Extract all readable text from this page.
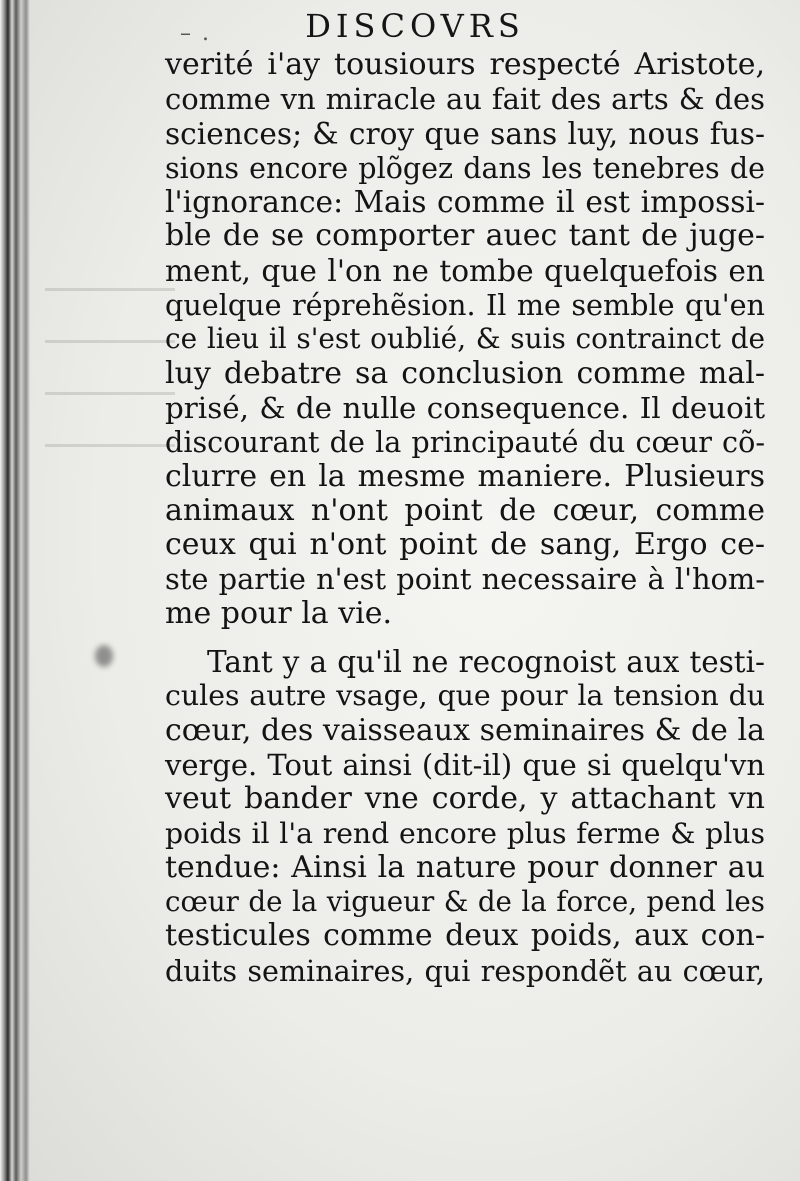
– .	DISCOVRS
verité i'ay tousiours respecté Aristote,
comme vn miracle au fait des arts & des
sciences; & croy que sans luy, nous fus-
sions encore plõgez dans les tenebres de
l'ignorance: Mais comme il est impossi-
ble de se comporter auec tant de juge-
ment, que l'on ne tombe quelquefois en
quelque réprehẽsion. Il me semble qu'en
ce lieu il s'est oublié, & suis contrainct de
luy debatre sa conclusion comme mal-
prisé, & de nulle consequence. Il deuoit
discourant de la principauté du cœur cõ-
clurre en la mesme maniere. Plusieurs
animaux n'ont point de cœur, comme
ceux qui n'ont point de sang, Ergo ce-
ste partie n'est point necessaire à l'hom-
me pour la vie.
Tant y a qu'il ne recognoist aux testi-
cules autre vsage, que pour la tension du
cœur, des vaisseaux seminaires & de la
verge. Tout ainsi (dit-il) que si quelqu'vn
veut bander vne corde, y attachant vn
poids il l'a rend encore plus ferme & plus
tendue: Ainsi la nature pour donner au
cœur de la vigueur & de la force, pend les
testicules comme deux poids, aux con-
duits seminaires, qui respondẽt au cœur,
